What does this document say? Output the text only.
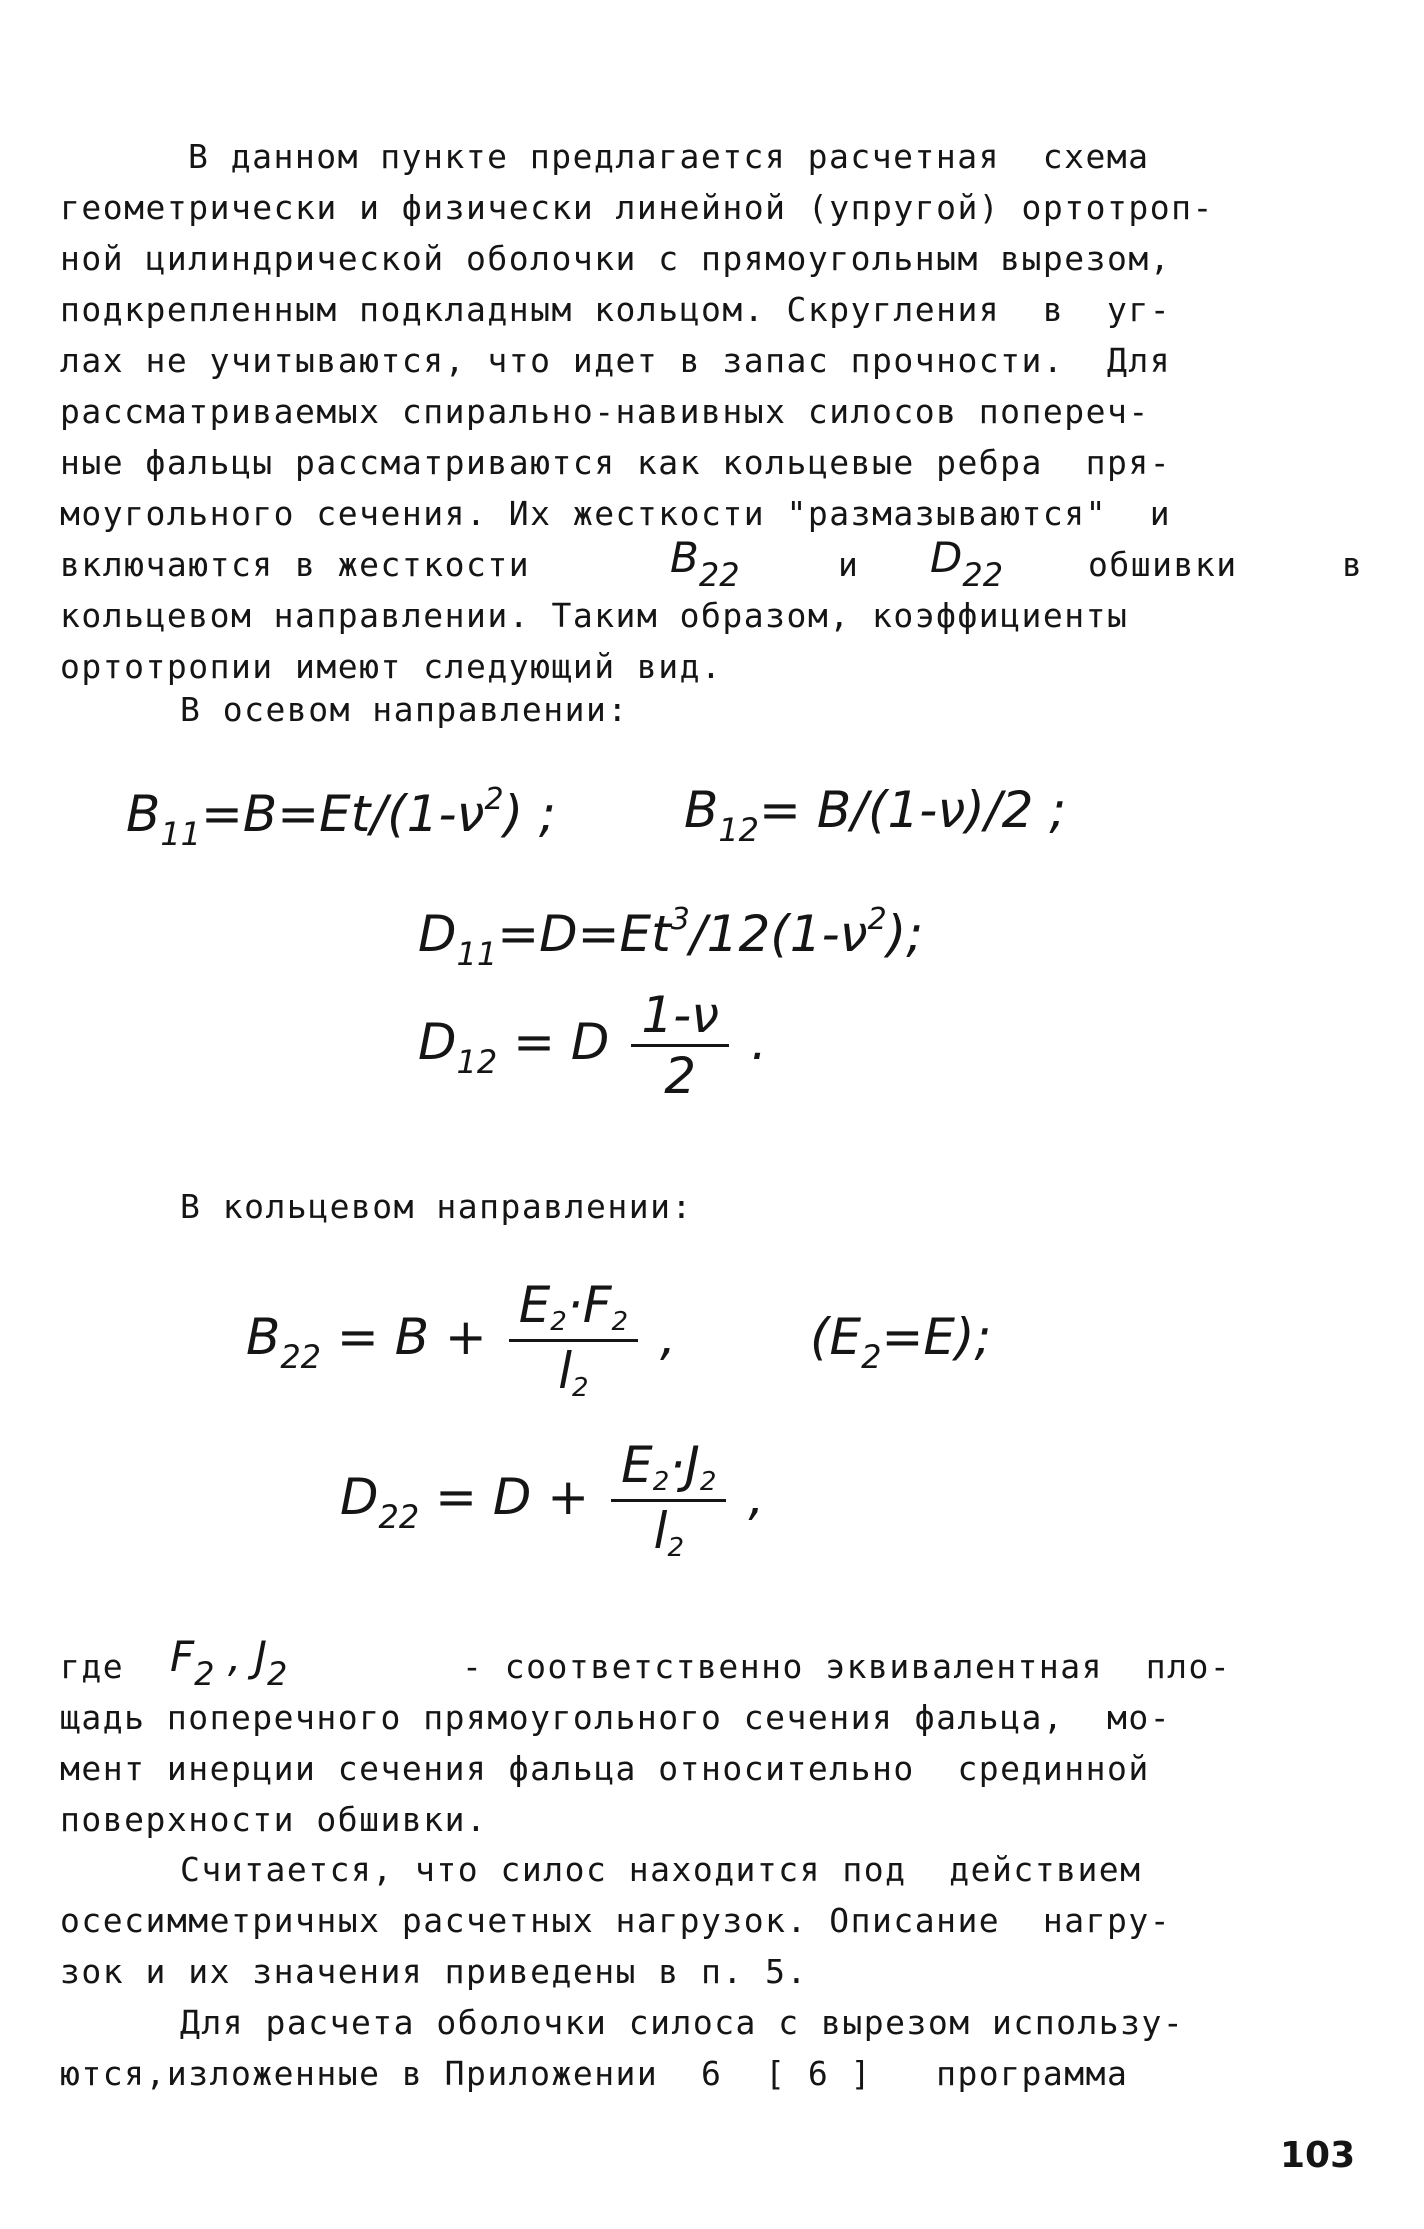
В данном пункте предлагается расчетная  схема
геометрически и физически линейной (упругой) ортотроп-
ной цилиндрической оболочки с прямоугольным вырезом,
подкрепленным подкладным кольцом. Скругления  в  уг-
лах не учитываются, что идет в запас прочности.  Для
рассматриваемых спирально-навивных силосов попереч-
ные фальцы рассматриваются как кольцевые ребра  пря-
моугольного сечения. Их жесткости "размазываются"  и
включаются в жесткости	$B_{22}$	и $D_{22}$	обшивки	в
кольцевом направлении. Таким образом, коэффициенты
ортотропии имеют следующий вид.
В осевом направлении:
$B_{11}=B=Et/(1-\nu^2)$ ;	$B_{12}= B/(1-\nu)/2$ ;
$D_{11}=D=Et^3/12(1-\nu^2)$;
$D_{12} = D \frac{1-\nu}{2}$ .
В кольцевом направлении:
$B_{22} = B + \frac{E_2\cdot F_2}{l_2}$ ,	$(E_2=E)$;
$D_{22} = D + \frac{E_2\cdot J_2}{l_2}$ ,
где $F_2$ , $J_2$	- соответственно эквивалентная  пло-
щадь поперечного прямоугольного сечения фальца,  мо-
мент инерции сечения фальца относительно  срединной
поверхности обшивки.
Считается, что силос находится под  действием
осесимметричных расчетных нагрузок. Описание  нагру-
зок и их значения приведены в п. 5.
Для расчета оболочки силоса с вырезом использу-
ются,изложенные в Приложении  6  [ 6 ]   программа
103
